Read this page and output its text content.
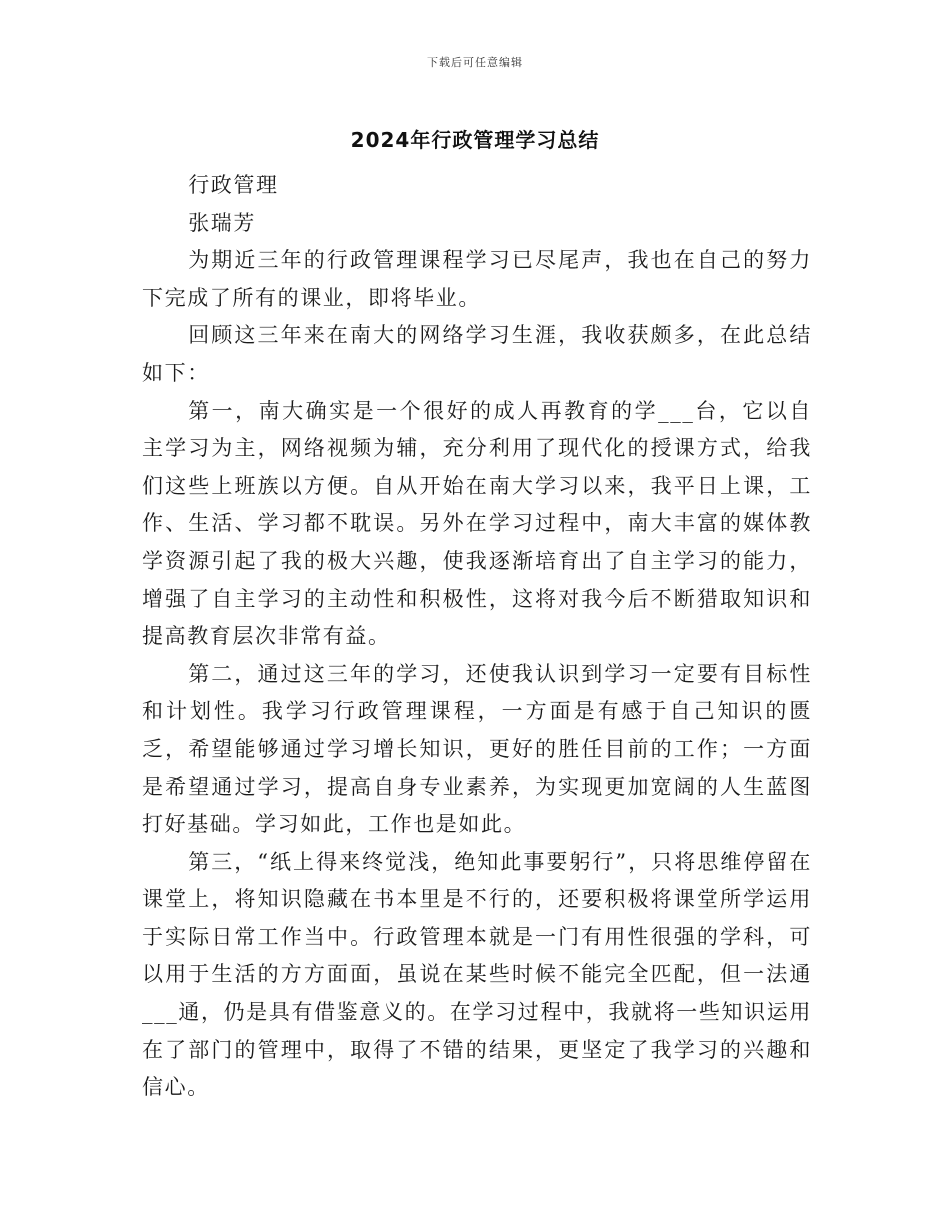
下载后可任意编辑
2024年行政管理学习总结

行政管理

张瑞芳

为期近三年的行政管理课程学习已尽尾声，我也在自己的努力下完成了所有的课业，即将毕业。

回顾这三年来在南大的网络学习生涯，我收获颇多，在此总结如下：

第一，南大确实是一个很好的成人再教育的学___台，它以自主学习为主，网络视频为辅，充分利用了现代化的授课方式，给我们这些上班族以方便。自从开始在南大学习以来，我平日上课，工作、生活、学习都不耽误。另外在学习过程中，南大丰富的媒体教学资源引起了我的极大兴趣，使我逐渐培育出了自主学习的能力，增强了自主学习的主动性和积极性，这将对我今后不断猎取知识和提高教育层次非常有益。

第二，通过这三年的学习，还使我认识到学习一定要有目标性和计划性。我学习行政管理课程，一方面是有感于自己知识的匮乏，希望能够通过学习增长知识，更好的胜任目前的工作；一方面是希望通过学习，提高自身专业素养，为实现更加宽阔的人生蓝图打好基础。学习如此，工作也是如此。

第三，“纸上得来终觉浅，绝知此事要躬行”，只将思维停留在课堂上，将知识隐藏在书本里是不行的，还要积极将课堂所学运用于实际日常工作当中。行政管理本就是一门有用性很强的学科，可以用于生活的方方面面，虽说在某些时候不能完全匹配，但一法通___通，仍是具有借鉴意义的。在学习过程中，我就将一些知识运用在了部门的管理中，取得了不错的结果，更坚定了我学习的兴趣和信心。
